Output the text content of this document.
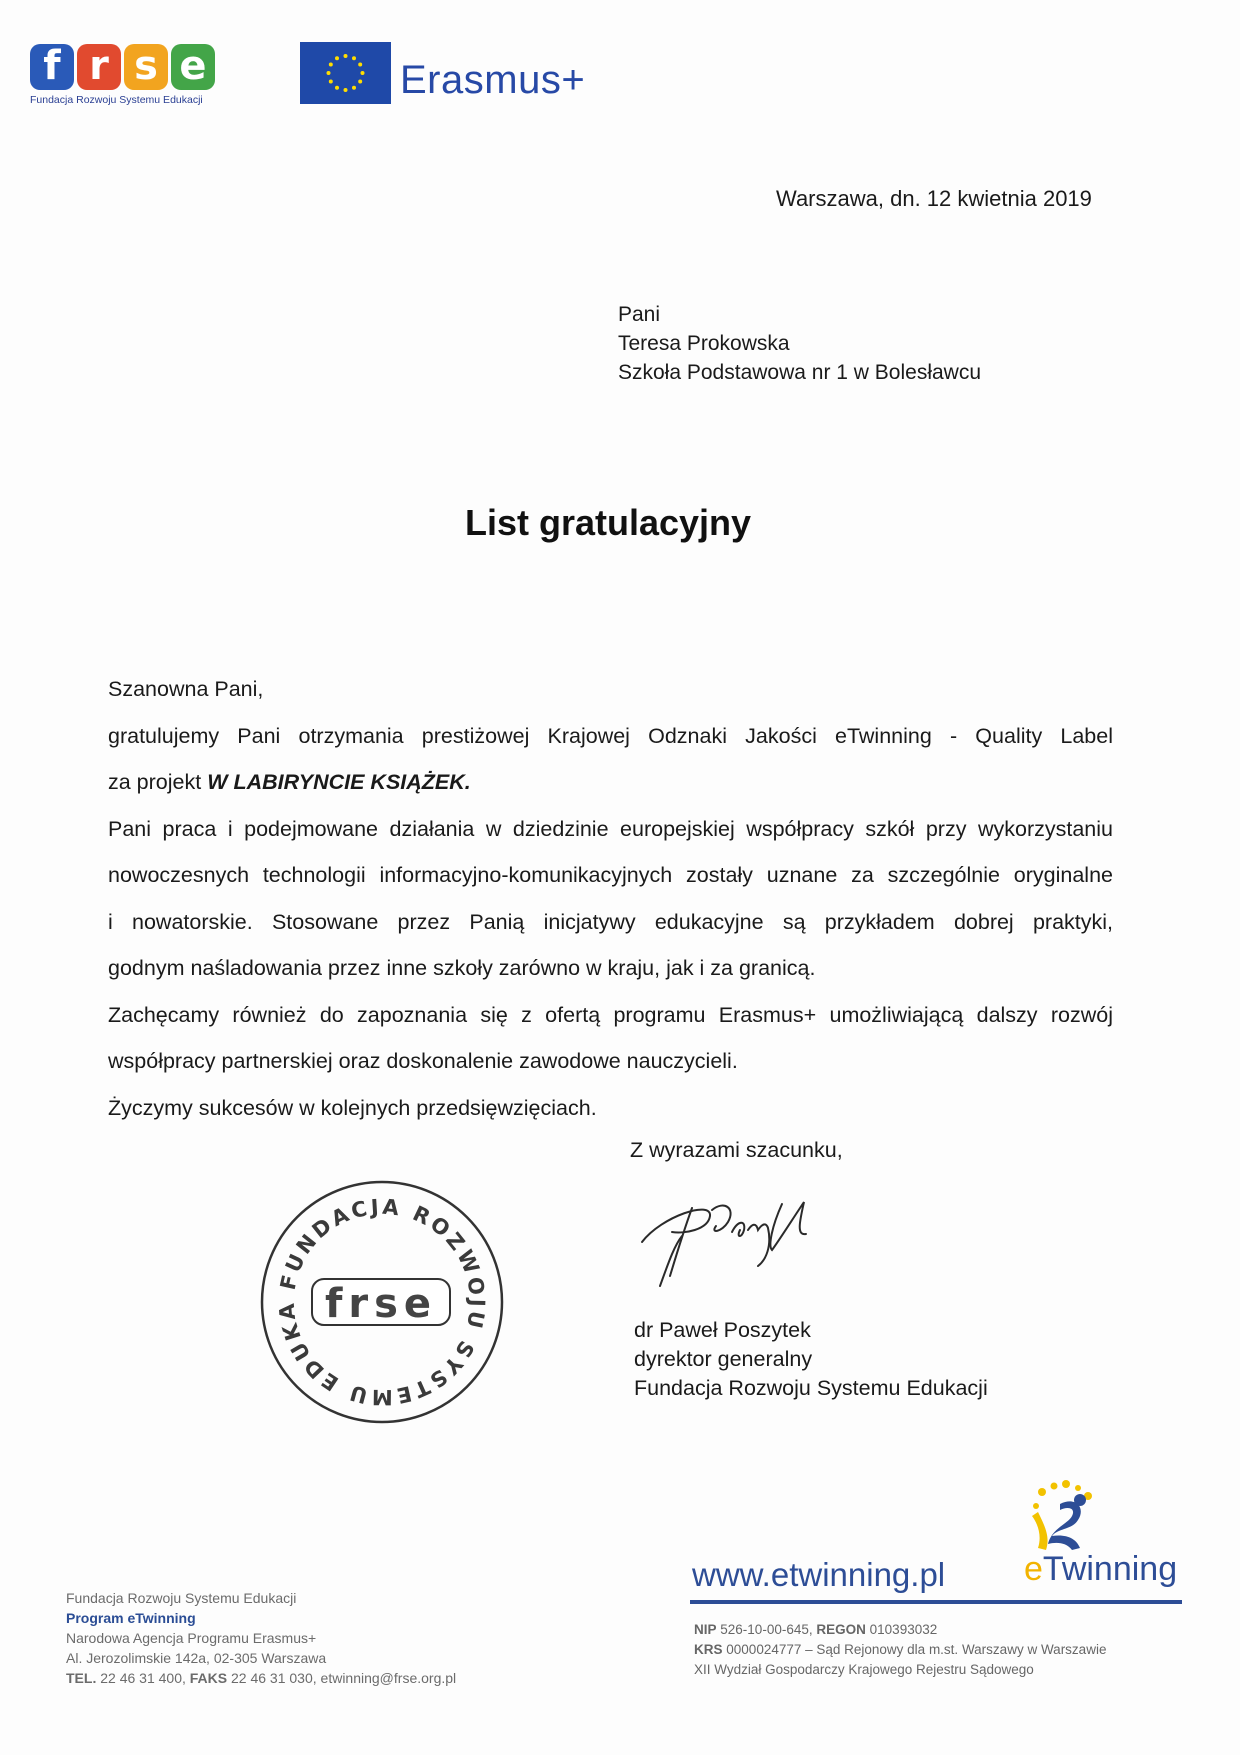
f r s e
Fundacja Rozwoju Systemu Edukacji	Erasmus+
Warszawa, dn. 12 kwietnia 2019
Pani
Teresa Prokowska
Szkoła Podstawowa nr 1 w Bolesławcu
List gratulacyjny

Szanowna Pani,

gratulujemy Pani otrzymania prestiżowej Krajowej Odznaki Jakości eTwinning - Quality Label

za projekt W LABIRYNCIE KSIĄŻEK.

Pani praca i podejmowane działania w dziedzinie europejskiej współpracy szkół przy wykorzystaniu

nowoczesnych technologii informacyjno-komunikacyjnych zostały uznane za szczególnie oryginalne

i nowatorskie. Stosowane przez Panią inicjatywy edukacyjne są przykładem dobrej praktyki,

godnym naśladowania przez inne szkoły zarówno w kraju, jak i za granicą.

Zachęcamy również do zapoznania się z ofertą programu Erasmus+ umożliwiającą dalszy rozwój

współpracy partnerskiej oraz doskonalenie zawodowe nauczycieli.

Życzymy sukcesów w kolejnych przedsięwzięciach.

Z wyrazami szacunku,
dr Paweł Poszytek
dyrektor generalny
Fundacja Rozwoju Systemu Edukacji
FUNDACJA ROZWOJU SYSTEMU EDUKA frse
www.etwinning.pl eTwinning
NIP 526-10-00-645, REGON 010393032
KRS 0000024777 – Sąd Rejonowy dla m.st. Warszawy w Warszawie
XII Wydział Gospodarczy Krajowego Rejestru Sądowego
Fundacja Rozwoju Systemu Edukacji
Program eTwinning
Narodowa Agencja Programu Erasmus+
Al. Jerozolimskie 142a, 02-305 Warszawa
TEL. 22 46 31 400, FAKS 22 46 31 030, etwinning@frse.org.pl
